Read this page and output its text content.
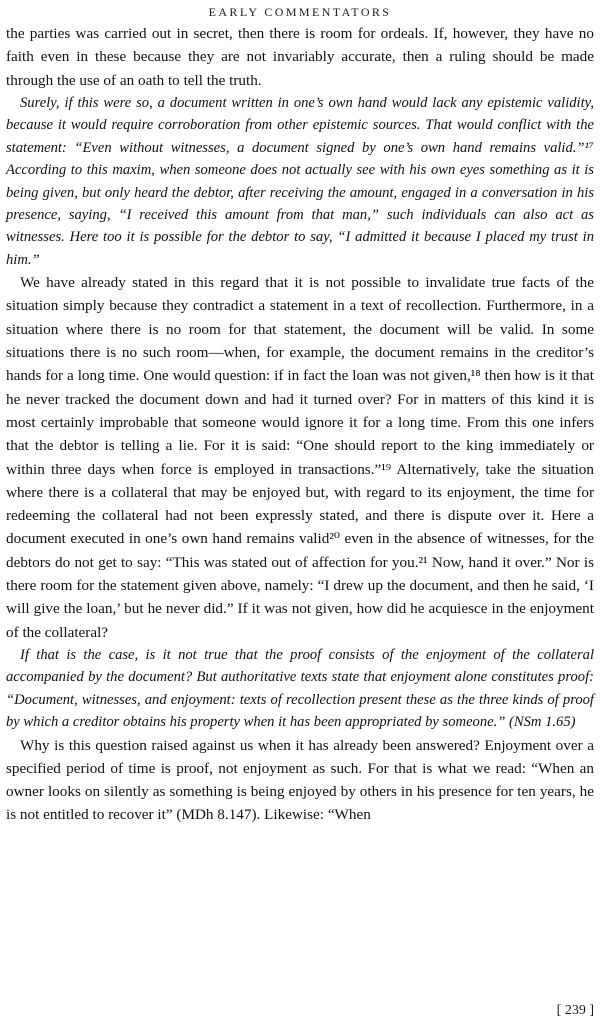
EARLY COMMENTATORS

the parties was carried out in secret, then there is room for ordeals. If, however, they have no faith even in these because they are not invariably accurate, then a ruling should be made through the use of an oath to tell the truth.

Surely, if this were so, a document written in one’s own hand would lack any epistemic validity, because it would require corroboration from other epistemic sources. That would conflict with the statement: “Even without witnesses, a document signed by one’s own hand remains valid.”¹⁷ According to this maxim, when someone does not actually see with his own eyes something as it is being given, but only heard the debtor, after receiving the amount, engaged in a conversation in his presence, saying, “I received this amount from that man,” such individuals can also act as witnesses. Here too it is possible for the debtor to say, “I admitted it because I placed my trust in him.”

We have already stated in this regard that it is not possible to invalidate true facts of the situation simply because they contradict a statement in a text of recollection. Furthermore, in a situation where there is no room for that statement, the document will be valid. In some situations there is no such room—when, for example, the document remains in the creditor’s hands for a long time. One would question: if in fact the loan was not given,¹⁸ then how is it that he never tracked the document down and had it turned over? For in matters of this kind it is most certainly improbable that someone would ignore it for a long time. From this one infers that the debtor is telling a lie. For it is said: “One should report to the king immediately or within three days when force is employed in transactions.”¹⁹ Alternatively, take the situation where there is a collateral that may be enjoyed but, with regard to its enjoyment, the time for redeeming the collateral had not been expressly stated, and there is dispute over it. Here a document executed in one’s own hand remains valid²⁰ even in the absence of witnesses, for the debtors do not get to say: “This was stated out of affection for you.²¹ Now, hand it over.” Nor is there room for the statement given above, namely: “I drew up the document, and then he said, ‘I will give the loan,’ but he never did.” If it was not given, how did he acquiesce in the enjoyment of the collateral?

If that is the case, is it not true that the proof consists of the enjoyment of the collateral accompanied by the document? But authoritative texts state that enjoyment alone constitutes proof: “Document, witnesses, and enjoyment: texts of recollection present these as the three kinds of proof by which a creditor obtains his property when it has been appropriated by someone.” (NSm 1.65)

Why is this question raised against us when it has already been answered? Enjoyment over a specified period of time is proof, not enjoyment as such. For that is what we read: “When an owner looks on silently as something is being enjoyed by others in his presence for ten years, he is not entitled to recover it” (MDh 8.147). Likewise: “When

[ 239 ]
